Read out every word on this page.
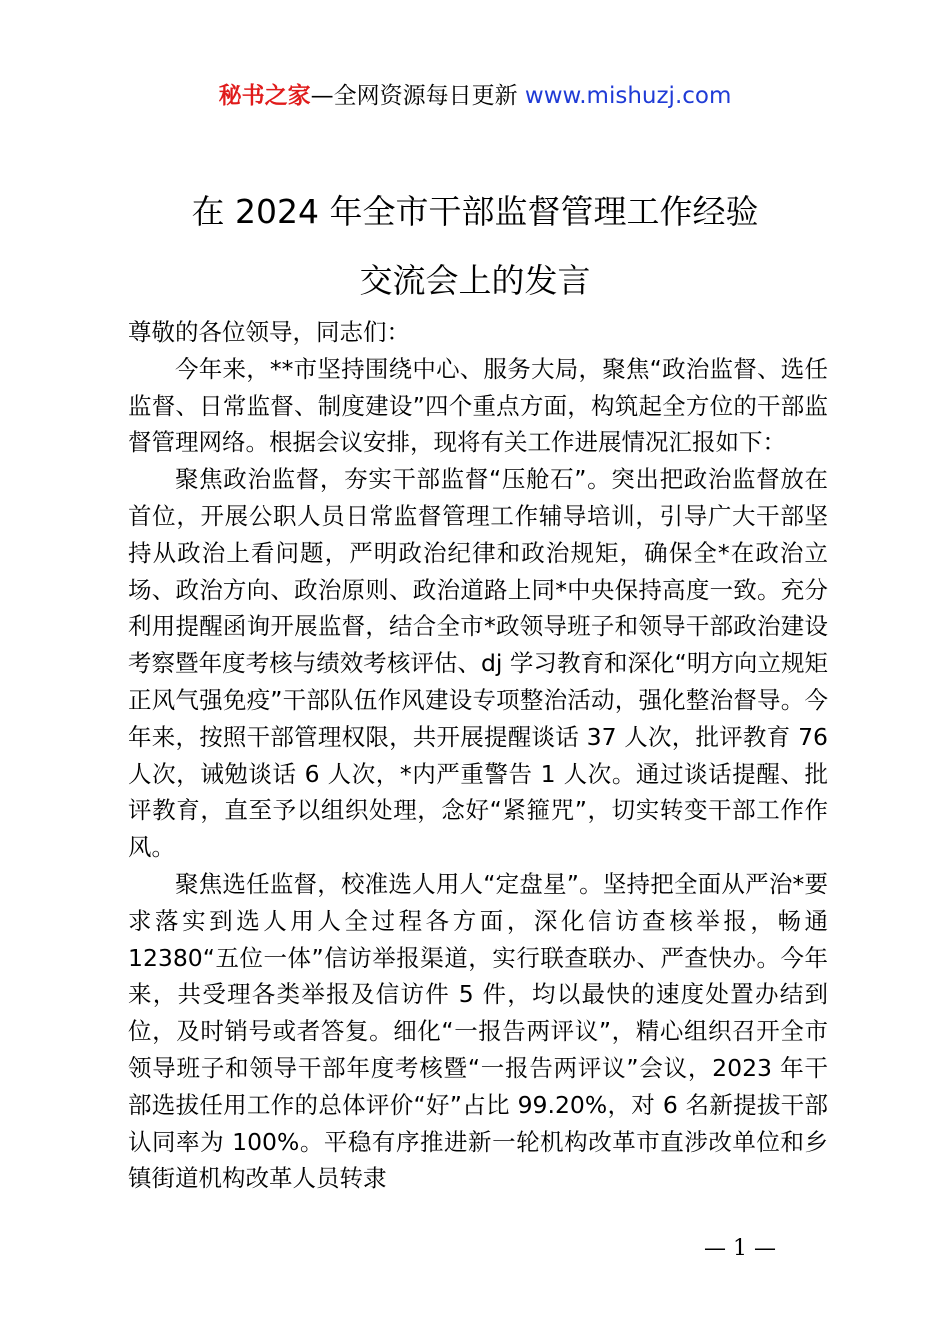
秘书之家—全网资源每日更新 www.mishuzj.com
在 2024 年全市干部监督管理工作经验
交流会上的发言

尊敬的各位领导，同志们：

今年来，**市坚持围绕中心、服务大局，聚焦“政治监督、选任监督、日常监督、制度建设”四个重点方面，构筑起全方位的干部监督管理网络。根据会议安排，现将有关工作进展情况汇报如下：

聚焦政治监督，夯实干部监督“压舱石”。突出把政治监督放在首位，开展公职人员日常监督管理工作辅导培训，引导广大干部坚持从政治上看问题，严明政治纪律和政治规矩，确保全*在政治立场、政治方向、政治原则、政治道路上同*中央保持高度一致。充分利用提醒函询开展监督，结合全市*政领导班子和领导干部政治建设考察暨年度考核与绩效考核评估、dj 学习教育和深化“明方向立规矩正风气强免疫”干部队伍作风建设专项整治活动，强化整治督导。今年来，按照干部管理权限，共开展提醒谈话 37 人次，批评教育 76 人次，诫勉谈话 6 人次，*内严重警告 1 人次。通过谈话提醒、批评教育，直至予以组织处理，念好“紧箍咒”，切实转变干部工作作风。

聚焦选任监督，校准选人用人“定盘星”。坚持把全面从严治*要求落实到选人用人全过程各方面，深化信访查核举报，畅通 12380“五位一体”信访举报渠道，实行联查联办、严查快办。今年来，共受理各类举报及信访件 5 件，均以最快的速度处置办结到位，及时销号或者答复。细化“一报告两评议”，精心组织召开全市领导班子和领导干部年度考核暨“一报告两评议”会议，2023 年干部选拔任用工作的总体评价“好”占比 99.20%，对 6 名新提拔干部认同率为 100%。平稳有序推进新一轮机构改革市直涉改单位和乡镇街道机构改革人员转隶

— 1 —
